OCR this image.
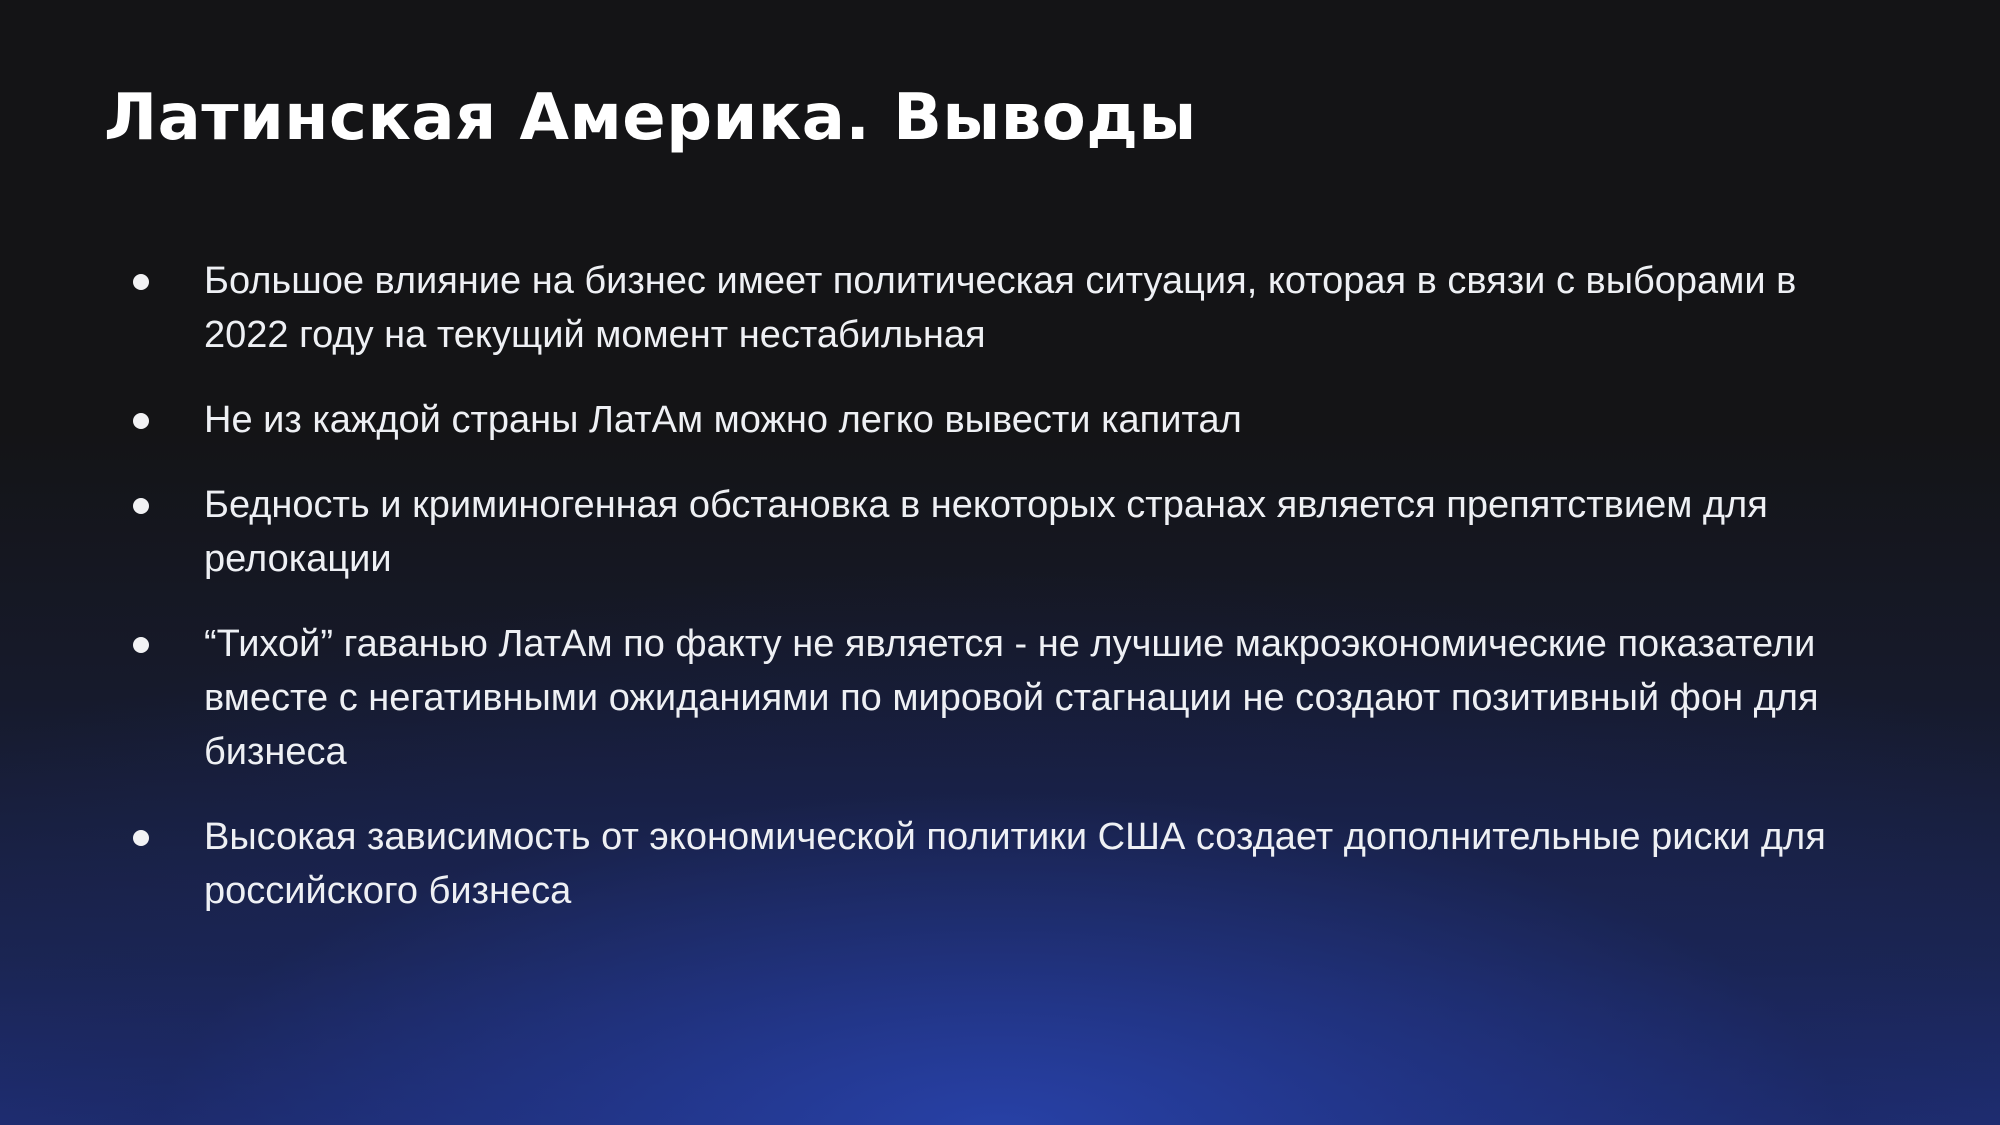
Латинская Америка. Выводы
Большое влияние на бизнес имеет политическая ситуация, которая в связи с выборами в 2022 году на текущий момент нестабильная
Не из каждой страны ЛатАм можно легко вывести капитал
Бедность и криминогенная обстановка в некоторых странах является препятствием для релокации
“Тихой” гаванью ЛатАм по факту не является - не лучшие макроэкономические показатели вместе с негативными ожиданиями по мировой стагнации не создают позитивный фон для бизнеса
Высокая зависимость от экономической политики США создает дополнительные риски для российского бизнеса
